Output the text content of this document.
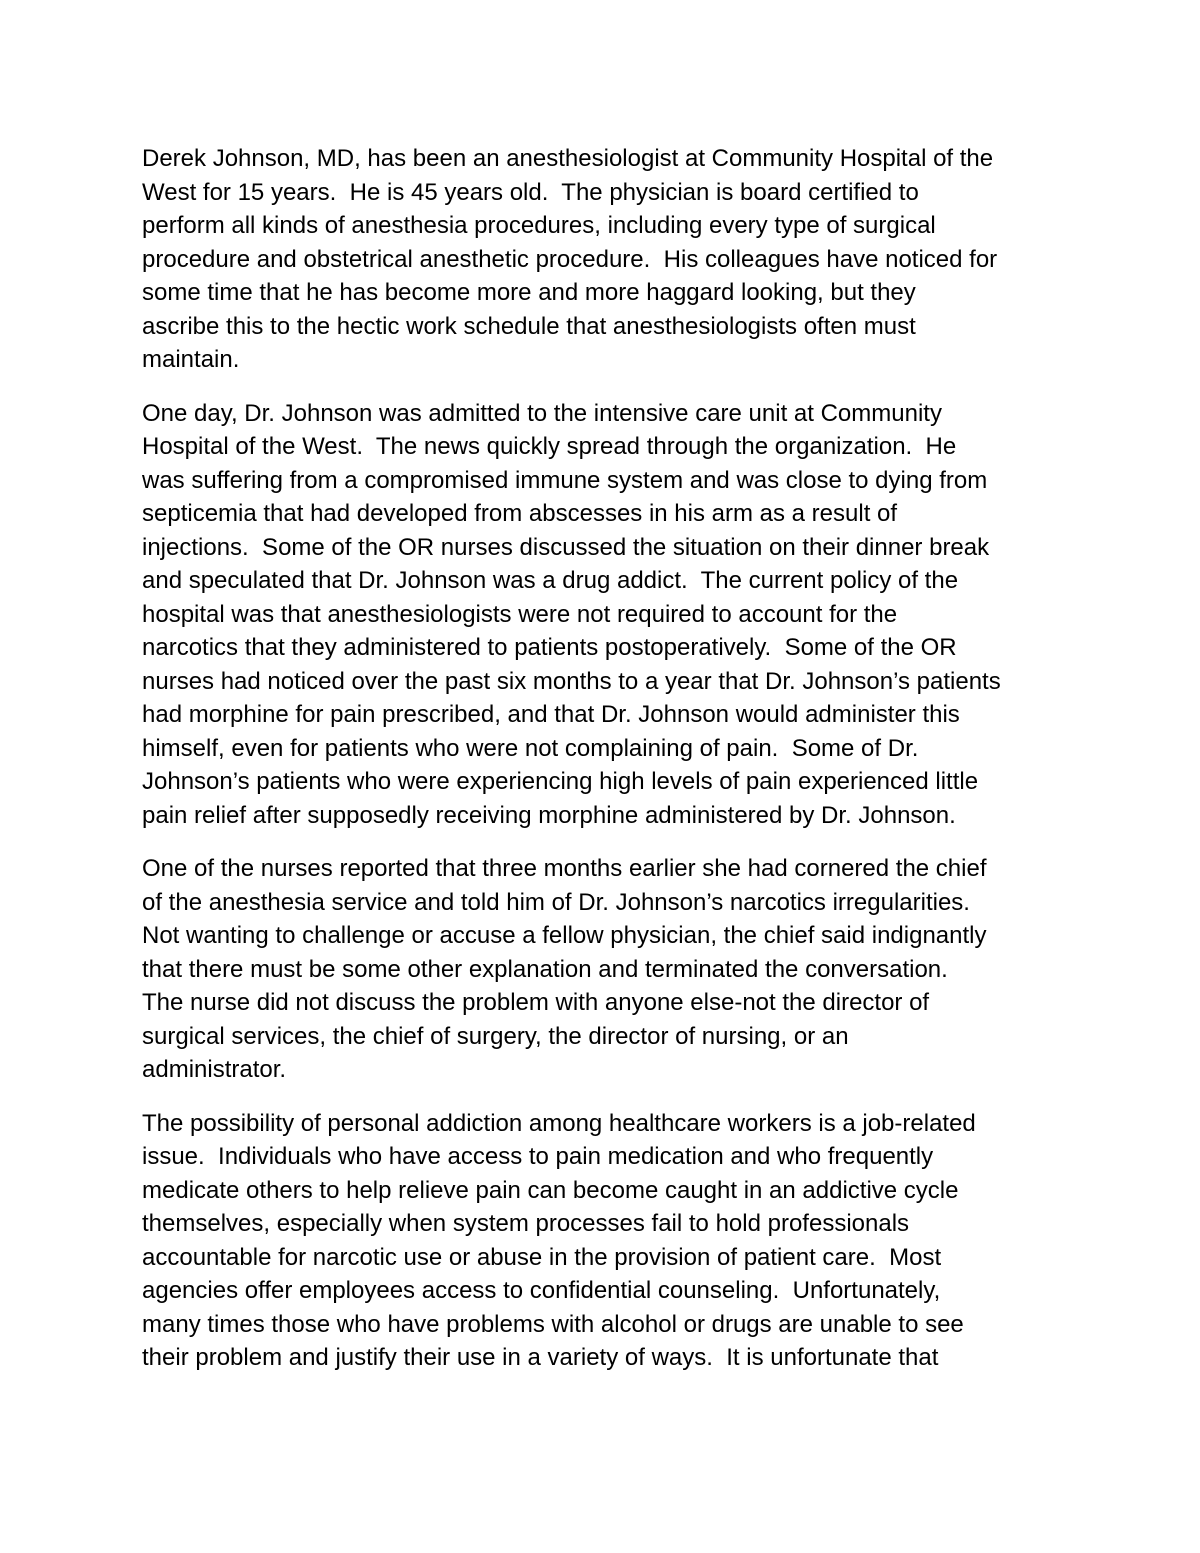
Derek Johnson, MD, has been an anesthesiologist at Community Hospital of the
West for 15 years.  He is 45 years old.  The physician is board certified to
perform all kinds of anesthesia procedures, including every type of surgical
procedure and obstetrical anesthetic procedure.  His colleagues have noticed for
some time that he has become more and more haggard looking, but they
ascribe this to the hectic work schedule that anesthesiologists often must
maintain.

One day, Dr. Johnson was admitted to the intensive care unit at Community
Hospital of the West.  The news quickly spread through the organization.  He
was suffering from a compromised immune system and was close to dying from
septicemia that had developed from abscesses in his arm as a result of
injections.  Some of the OR nurses discussed the situation on their dinner break
and speculated that Dr. Johnson was a drug addict.  The current policy of the
hospital was that anesthesiologists were not required to account for the
narcotics that they administered to patients postoperatively.  Some of the OR
nurses had noticed over the past six months to a year that Dr. Johnson’s patients
had morphine for pain prescribed, and that Dr. Johnson would administer this
himself, even for patients who were not complaining of pain.  Some of Dr.
Johnson’s patients who were experiencing high levels of pain experienced little
pain relief after supposedly receiving morphine administered by Dr. Johnson.

One of the nurses reported that three months earlier she had cornered the chief
of the anesthesia service and told him of Dr. Johnson’s narcotics irregularities.
Not wanting to challenge or accuse a fellow physician, the chief said indignantly
that there must be some other explanation and terminated the conversation.
The nurse did not discuss the problem with anyone else-not the director of
surgical services, the chief of surgery, the director of nursing, or an
administrator.

The possibility of personal addiction among healthcare workers is a job-related
issue.  Individuals who have access to pain medication and who frequently
medicate others to help relieve pain can become caught in an addictive cycle
themselves, especially when system processes fail to hold professionals
accountable for narcotic use or abuse in the provision of patient care.  Most
agencies offer employees access to confidential counseling.  Unfortunately,
many times those who have problems with alcohol or drugs are unable to see
their problem and justify their use in a variety of ways.  It is unfortunate that
